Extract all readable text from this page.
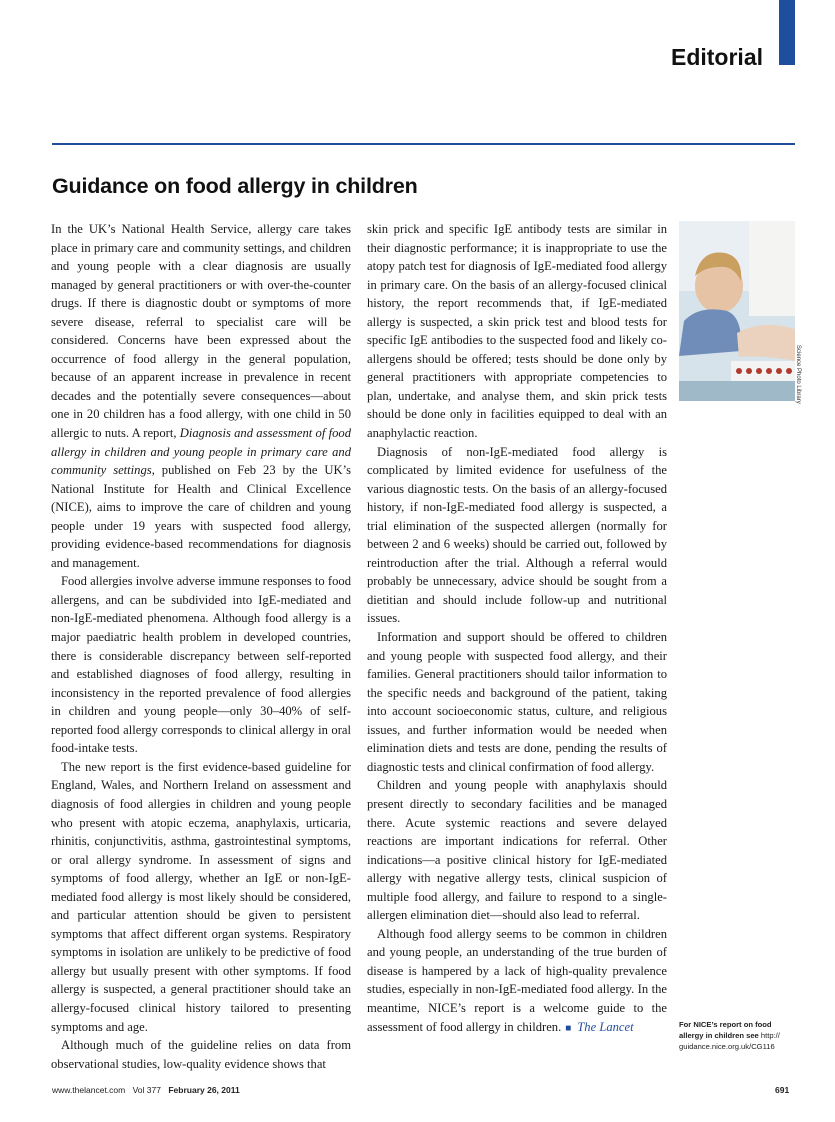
Editorial
Guidance on food allergy in children

In the UK’s National Health Service, allergy care takes place in primary care and community settings, and children and young people with a clear diagnosis are usually managed by general practitioners or with over-the-counter drugs. If there is diagnostic doubt or symptoms of more severe disease, referral to specialist care will be considered. Concerns have been expressed about the occurrence of food allergy in the general population, because of an apparent increase in prevalence in recent decades and the potentially severe consequences—about one in 20 children has a food allergy, with one child in 50 allergic to nuts. A report, Diagnosis and assessment of food allergy in children and young people in primary care and community settings, published on Feb 23 by the UK’s National Institute for Health and Clinical Excellence (NICE), aims to improve the care of children and young people under 19 years with suspected food allergy, providing evidence-based recommendations for diagnosis and management.

Food allergies involve adverse immune responses to food allergens, and can be subdivided into IgE-mediated and non-IgE-mediated phenomena. Although food allergy is a major paediatric health problem in developed countries, there is considerable discrepancy between self-reported and established diagnoses of food allergy, resulting in inconsistency in the reported prevalence of food allergies in children and young people—only 30–40% of self-reported food allergy corresponds to clinical allergy in oral food-intake tests.

The new report is the first evidence-based guideline for England, Wales, and Northern Ireland on assessment and diagnosis of food allergies in children and young people who present with atopic eczema, anaphylaxis, urticaria, rhinitis, conjunctivitis, asthma, gastrointestinal symptoms, or oral allergy syndrome. In assessment of signs and symptoms of food allergy, whether an IgE or non-IgE-mediated food allergy is most likely should be considered, and particular attention should be given to persistent symptoms that affect different organ systems. Respiratory symptoms in isolation are unlikely to be predictive of food allergy but usually present with other symptoms. If food allergy is suspected, a general practitioner should take an allergy-focused clinical history tailored to presenting symptoms and age.

Although much of the guideline relies on data from observational studies, low-quality evidence shows that

skin prick and specific IgE antibody tests are similar in their diagnostic performance; it is inappropriate to use the atopy patch test for diagnosis of IgE-mediated food allergy in primary care. On the basis of an allergy-focused clinical history, the report recommends that, if IgE-mediated allergy is suspected, a skin prick test and blood tests for specific IgE antibodies to the suspected food and likely co-allergens should be offered; tests should be done only by general practitioners with appropriate competencies to plan, undertake, and analyse them, and skin prick tests should be done only in facilities equipped to deal with an anaphylactic reaction.

Diagnosis of non-IgE-mediated food allergy is complicated by limited evidence for usefulness of the various diagnostic tests. On the basis of an allergy-focused history, if non-IgE-mediated food allergy is suspected, a trial elimination of the suspected allergen (normally for between 2 and 6 weeks) should be carried out, followed by reintroduction after the trial. Although a referral would probably be unnecessary, advice should be sought from a dietitian and should include follow-up and nutritional issues.

Information and support should be offered to children and young people with suspected food allergy, and their families. General practitioners should tailor information to the specific needs and background of the patient, taking into account socioeconomic status, culture, and religious issues, and further information would be needed when elimination diets and tests are done, pending the results of diagnostic tests and clinical confirmation of food allergy.

Children and young people with anaphylaxis should present directly to secondary facilities and be managed there. Acute systemic reactions and severe delayed reactions are important indications for referral. Other indications—a positive clinical history for IgE-mediated allergy with negative allergy tests, clinical suspicion of multiple food allergy, and failure to respond to a single-allergen elimination diet—should also lead to referral.

Although food allergy seems to be common in children and young people, an understanding of the true burden of disease is hampered by a lack of high-quality prevalence studies, especially in non-IgE-mediated food allergy. In the meantime, NICE’s report is a welcome guide to the assessment of food allergy in children. ■ The Lancet

Science Photo Library
For NICE’s report on food allergy in children see http:// guidance.nice.org.uk/CG116
www.thelancet.com Vol 377 February 26, 2011	691
